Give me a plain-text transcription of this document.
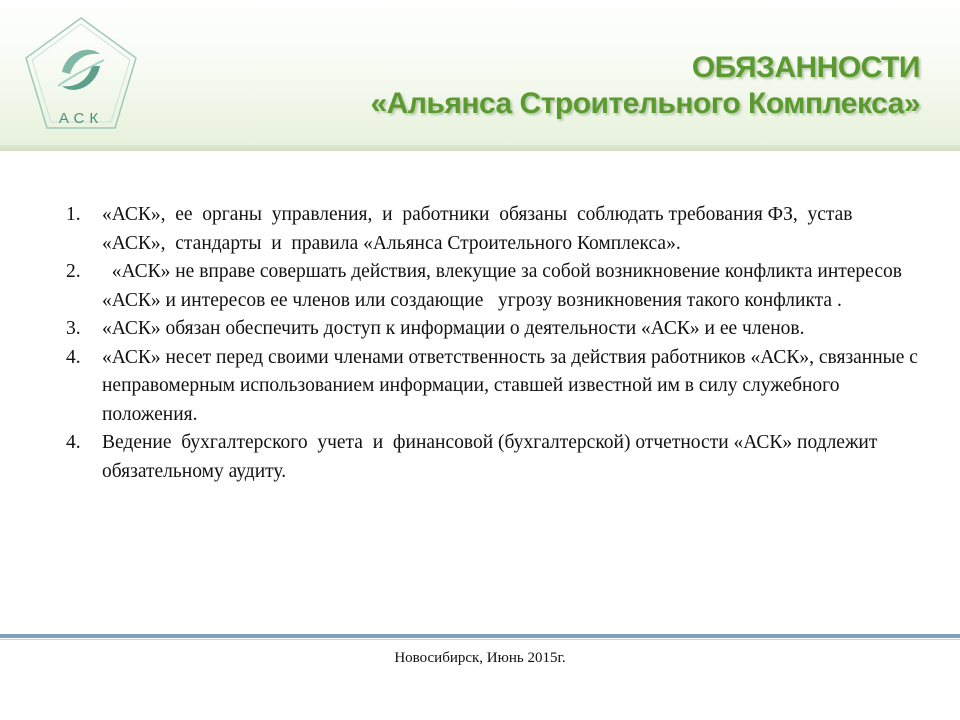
АСК
ОБЯЗАННОСТИ
«Альянса Строительного Комплекса»
1.	«АСК»,  ее  органы  управления,  и  работники  обязаны  соблюдать требования ФЗ,  устав «АСК»,  стандарты  и  правила «Альянса Строительного Комплекса».
2.	«АСК» не вправе совершать действия, влекущие за собой возникновение конфликта интересов «АСК» и интересов ее членов или создающие   угрозу возникновения такого конфликта .
3.	«АСК» обязан обеспечить доступ к информации о деятельности «АСК» и ее членов.
4.	«АСК» несет перед своими членами ответственность за действия работников «АСК», связанные с неправомерным использованием информации, ставшей известной им в силу служебного положения.
4.	Ведение  бухгалтерского  учета  и  финансовой (бухгалтерской) отчетности «АСК» подлежит обязательному аудиту.
Новосибирск, Июнь 2015г.
